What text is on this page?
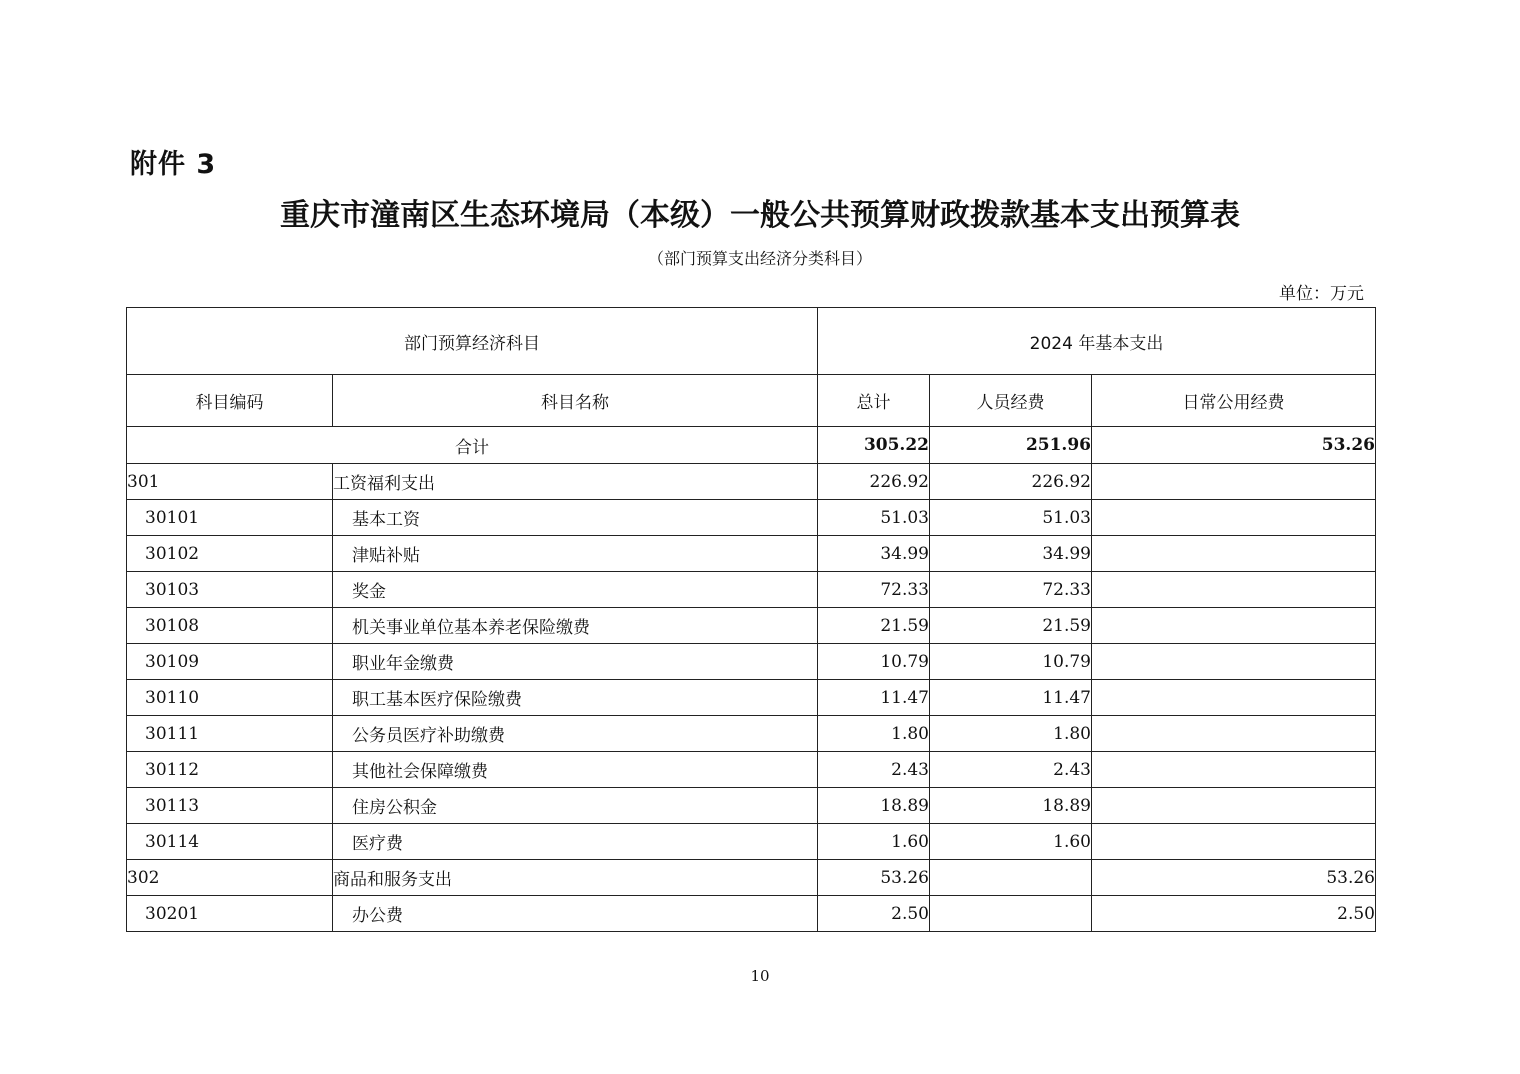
附件 3
重庆市潼南区生态环境局（本级）一般公共预算财政拨款基本支出预算表
（部门预算支出经济分类科目）
单位：万元
部门预算经济科目		2024 年基本支出		
科目编码	科目名称	总计	人员经费	日常公用经费
合计		305.22	251.96	53.26
301	工资福利支出	226.92	226.92	
30101	基本工资	51.03	51.03	
30102	津贴补贴	34.99	34.99	
30103	奖金	72.33	72.33	
30108	机关事业单位基本养老保险缴费	21.59	21.59	
30109	职业年金缴费	10.79	10.79	
30110	职工基本医疗保险缴费	11.47	11.47	
30111	公务员医疗补助缴费	1.80	1.80	
30112	其他社会保障缴费	2.43	2.43	
30113	住房公积金	18.89	18.89	
30114	医疗费	1.60	1.60	
302	商品和服务支出	53.26		53.26
30201	办公费	2.50		2.50
10
